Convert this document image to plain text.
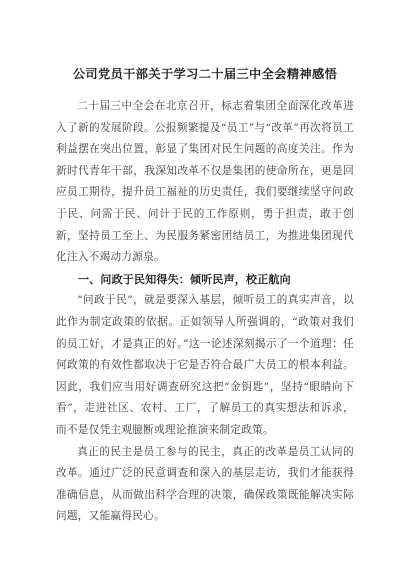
公司党员干部关于学习二十届三中全会精神感悟

二十届三中全会在北京召开，标志着集团全面深化改革进入了新的发展阶段。公报频繁提及“员工”与“改革”再次将员工利益摆在突出位置，彰显了集团对民生问题的高度关注。作为新时代青年干部，我深知改革不仅是集团的使命所在，更是回应员工期待，提升员工福祉的历史责任，我们要继续坚守问政于民、问需于民、问计于民的工作原则，勇于担责，敢于创新，坚持员工至上、为民服务紧密团结员工，为推进集团现代化注入不竭动力源泉。

一、问政于民知得失：倾听民声，校正航向

“问政于民”，就是要深入基层，倾听员工的真实声音，以此作为制定政策的依据。正如领导人所强调的，“政策对我们的员工好，才是真正的好。”这一论述深刻揭示了一个道理：任何政策的有效性都取决于它是否符合最广大员工的根本利益。因此，我们应当用好调查研究这把“金钥匙”，坚持“眼睛向下看”，走进社区、农村、工厂，了解员工的真实想法和诉求，而不是仅凭主观臆断或理论推演来制定政策。

真正的民主是员工参与的民主，真正的改革是员工认同的改革。通过广泛的民意调查和深入的基层走访，我们才能获得准确信息，从而做出科学合理的决策，确保政策既能解决实际问题，又能赢得民心。
